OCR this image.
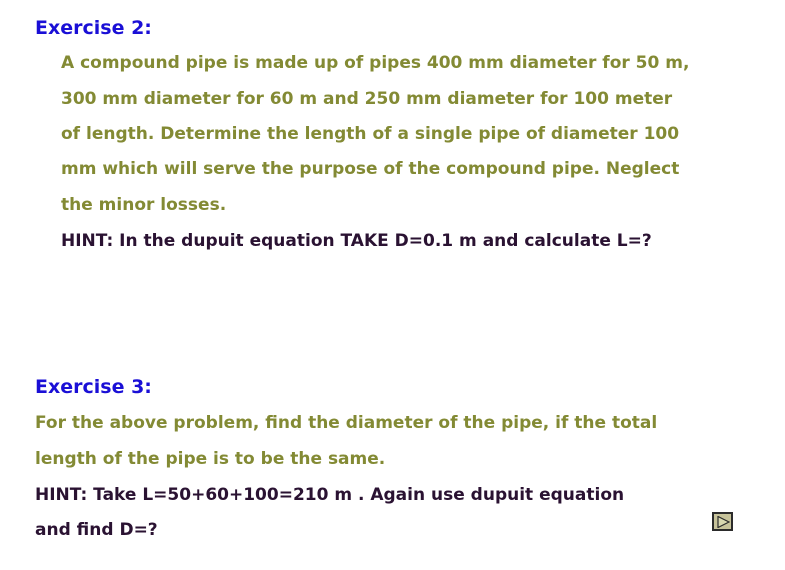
Exercise 2:
A compound pipe is made up of pipes 400 mm diameter for 50 m,
300 mm diameter for 60 m and 250 mm diameter for 100 meter
of length. Determine the length of a single pipe of diameter 100
mm which will serve the purpose of the compound pipe. Neglect
the minor losses.
HINT: In the dupuit equation TAKE D=0.1 m and calculate L=?
Exercise 3:
For the above problem, find the diameter of the pipe, if the total
length of the pipe is to be the same.
HINT: Take L=50+60+100=210 m . Again use dupuit equation
and find D=?
